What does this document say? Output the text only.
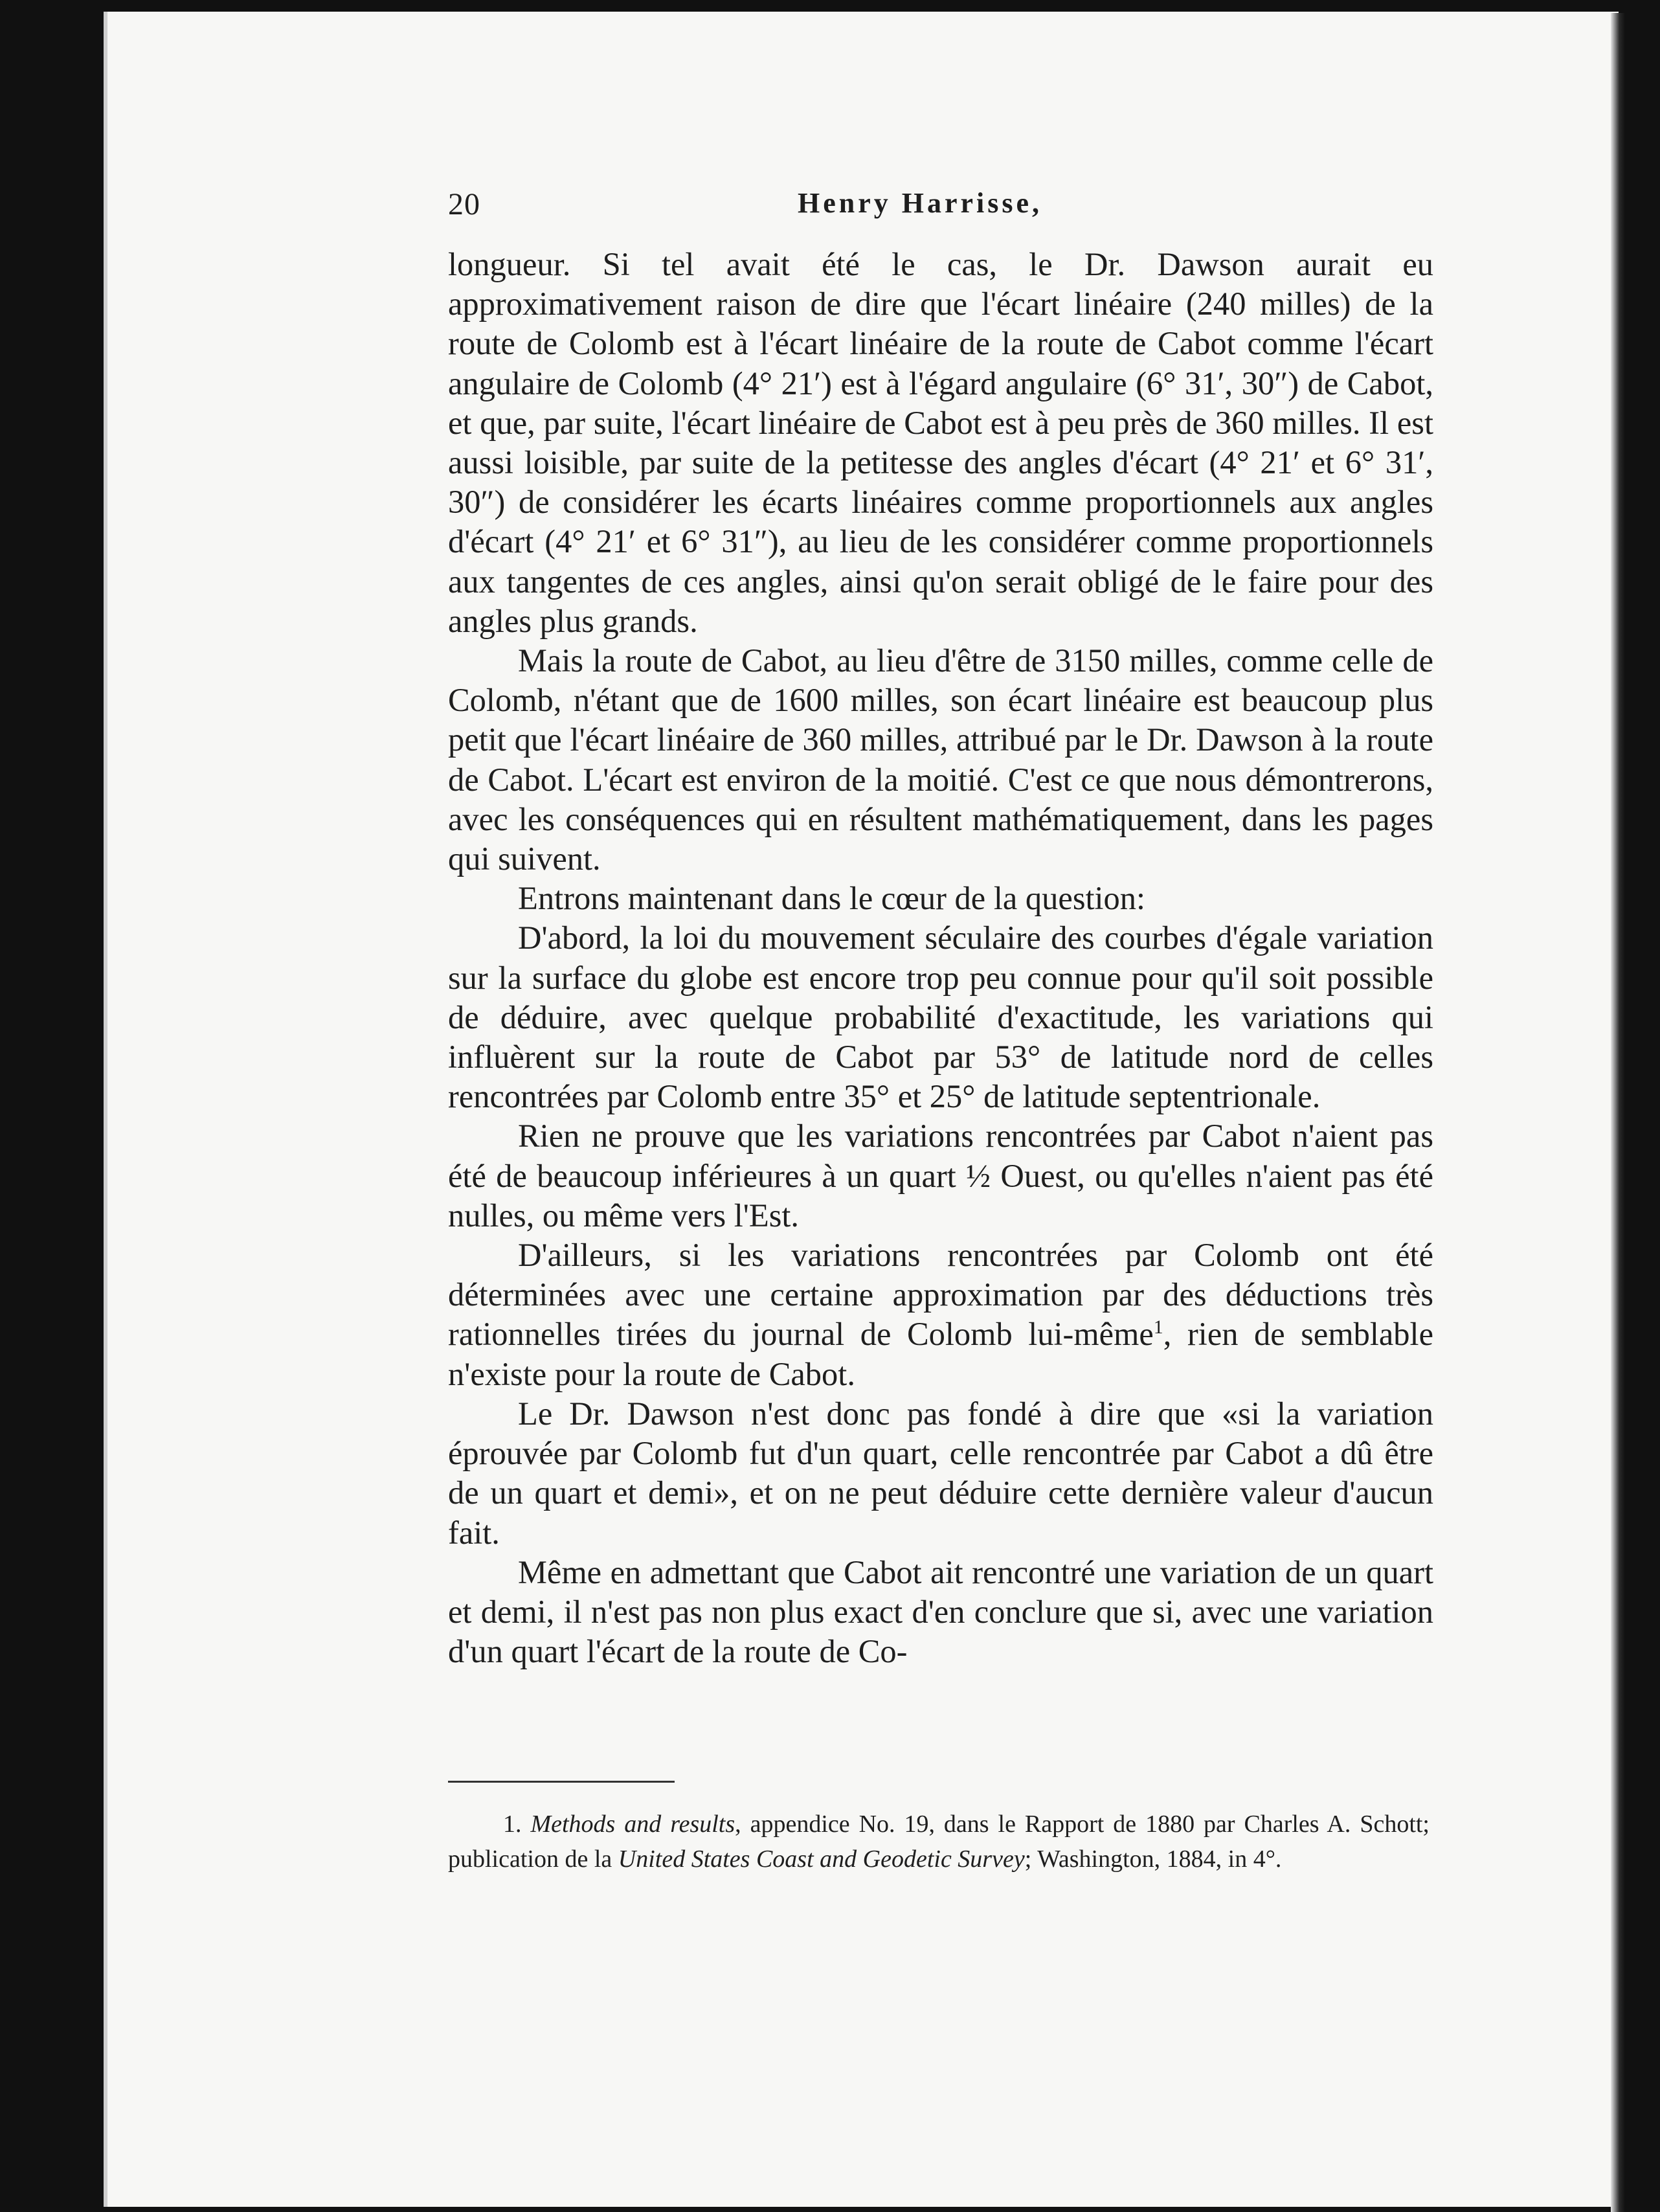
20	Henry Harrisse,

longueur. Si tel avait été le cas, le Dr. Dawson aurait eu approximativement raison de dire que l'écart linéaire (240 milles) de la route de Colomb est à l'écart linéaire de la route de Cabot comme l'écart angulaire de Colomb (4° 21′) est à l'égard angulaire (6° 31′, 30″) de Cabot, et que, par suite, l'écart linéaire de Cabot est à peu près de 360 milles. Il est aussi loisible, par suite de la petitesse des angles d'écart (4° 21′ et 6° 31′, 30″) de considérer les écarts linéaires comme proportionnels aux angles d'écart (4° 21′ et 6° 31″), au lieu de les considérer comme proportionnels aux tangentes de ces angles, ainsi qu'on serait obligé de le faire pour des angles plus grands.

Mais la route de Cabot, au lieu d'être de 3150 milles, comme celle de Colomb, n'étant que de 1600 milles, son écart linéaire est beaucoup plus petit que l'écart linéaire de 360 milles, attribué par le Dr. Dawson à la route de Cabot. L'écart est environ de la moitié. C'est ce que nous démontrerons, avec les conséquences qui en résultent mathématiquement, dans les pages qui suivent.

Entrons maintenant dans le cœur de la question:

D'abord, la loi du mouvement séculaire des courbes d'égale variation sur la surface du globe est encore trop peu connue pour qu'il soit possible de déduire, avec quelque probabilité d'exactitude, les variations qui influèrent sur la route de Cabot par 53° de latitude nord de celles rencontrées par Colomb entre 35° et 25° de latitude septentrionale.

Rien ne prouve que les variations rencontrées par Cabot n'aient pas été de beaucoup inférieures à un quart ½ Ouest, ou qu'elles n'aient pas été nulles, ou même vers l'Est.

D'ailleurs, si les variations rencontrées par Colomb ont été déterminées avec une certaine approximation par des déductions très rationnelles tirées du journal de Colomb lui-même$^1$, rien de semblable n'existe pour la route de Cabot.

Le Dr. Dawson n'est donc pas fondé à dire que «si la variation éprouvée par Colomb fut d'un quart, celle rencontrée par Cabot a dû être de un quart et demi», et on ne peut déduire cette dernière valeur d'aucun fait.

Même en admettant que Cabot ait rencontré une variation de un quart et demi, il n'est pas non plus exact d'en conclure que si, avec une variation d'un quart l'écart de la route de Co-

1. Methods and results, appendice No. 19, dans le Rapport de 1880 par Charles A. Schott; publication de la United States Coast and Geodetic Survey; Washington, 1884, in 4°.
